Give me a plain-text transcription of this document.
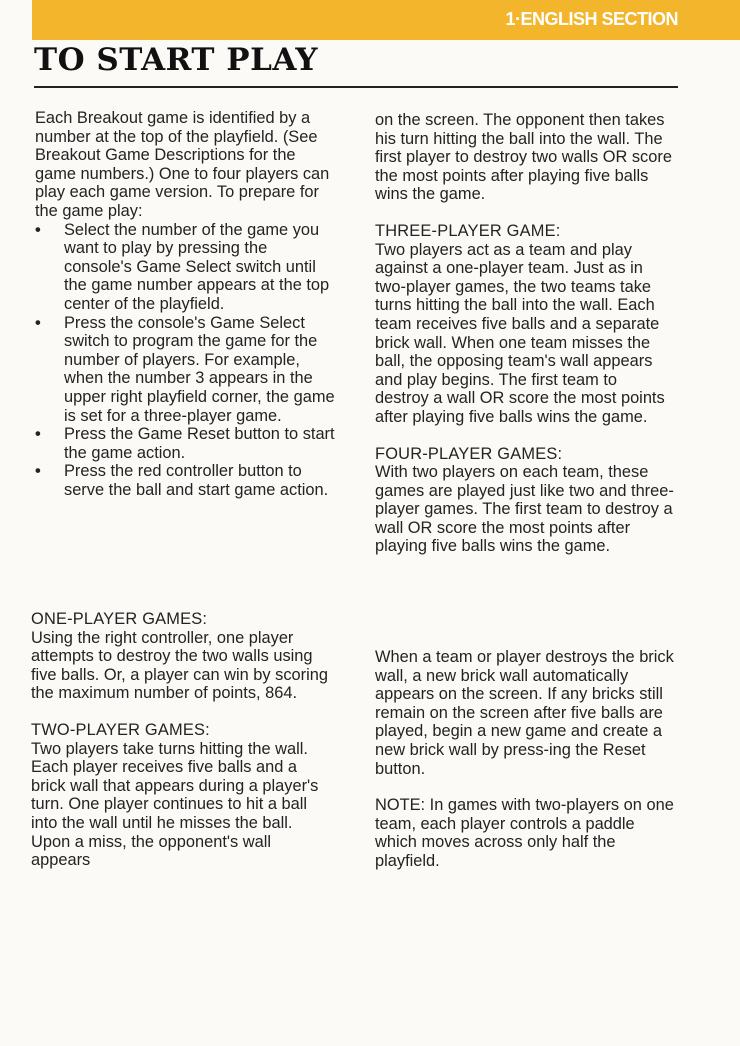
1·ENGLISH SECTION
TO START PLAY

Each Breakout game is identified by a number at the top of the playfield. (See Breakout Game Descriptions for the game numbers.) One to four players can play each game version. To prepare for the game play:

• Select the number of the game you want to play by pressing the console's Game Select switch until the game number appears at the top center of the playfield.
• Press the console's Game Select switch to program the game for the number of players. For example, when the number 3 appears in the upper right playfield corner, the game is set for a three-player game.
• Press the Game Reset button to start the game action.
• Press the red controller button to serve the ball and start game action.
ONE-PLAYER GAMES:

Using the right controller, one player attempts to destroy the two walls using five balls. Or, a player can win by scoring the maximum number of points, 864.

TWO-PLAYER GAMES:

Two players take turns hitting the wall. Each player receives five balls and a brick wall that appears during a player's turn. One player continues to hit a ball into the wall until he misses the ball. Upon a miss, the opponent's wall appears

on the screen. The opponent then takes his turn hitting the ball into the wall. The first player to destroy two walls OR score the most points after playing five balls wins the game.

THREE-PLAYER GAME:

Two players act as a team and play against a one-player team. Just as in two-player games, the two teams take turns hitting the ball into the wall. Each team receives five balls and a separate brick wall. When one team misses the ball, the opposing team's wall appears and play begins. The first team to destroy a wall OR score the most points after playing five balls wins the game.

FOUR-PLAYER GAMES:

With two players on each team, these games are played just like two and three-player games. The first team to destroy a wall OR score the most points after playing five balls wins the game.

When a team or player destroys the brick wall, a new brick wall automatically appears on the screen. If any bricks still remain on the screen after five balls are played, begin a new game and create a new brick wall by press-ing the Reset button.

NOTE: In games with two-players on one team, each player controls a paddle which moves across only half the playfield.
